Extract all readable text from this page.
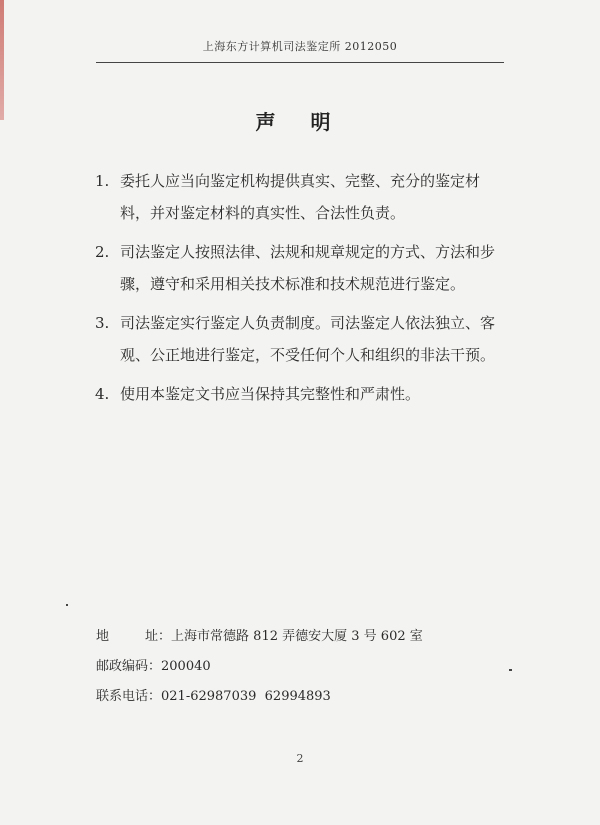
上海东方计算机司法鉴定所 2012050
声 明
1. 委托人应当向鉴定机构提供真实、完整、充分的鉴定材
料，并对鉴定材料的真实性、合法性负责。
2. 司法鉴定人按照法律、法规和规章规定的方式、方法和步
骤，遵守和采用相关技术标准和技术规范进行鉴定。
3. 司法鉴定实行鉴定人负责制度。司法鉴定人依法独立、客
观、公正地进行鉴定，不受任何个人和组织的非法干预。
4. 使用本鉴定文书应当保持其完整性和严肃性。
地	址：上海市常德路 812 弄德安大厦 3 号 602 室
邮政编码：200040
联系电话：021-62987039  62994893
2
